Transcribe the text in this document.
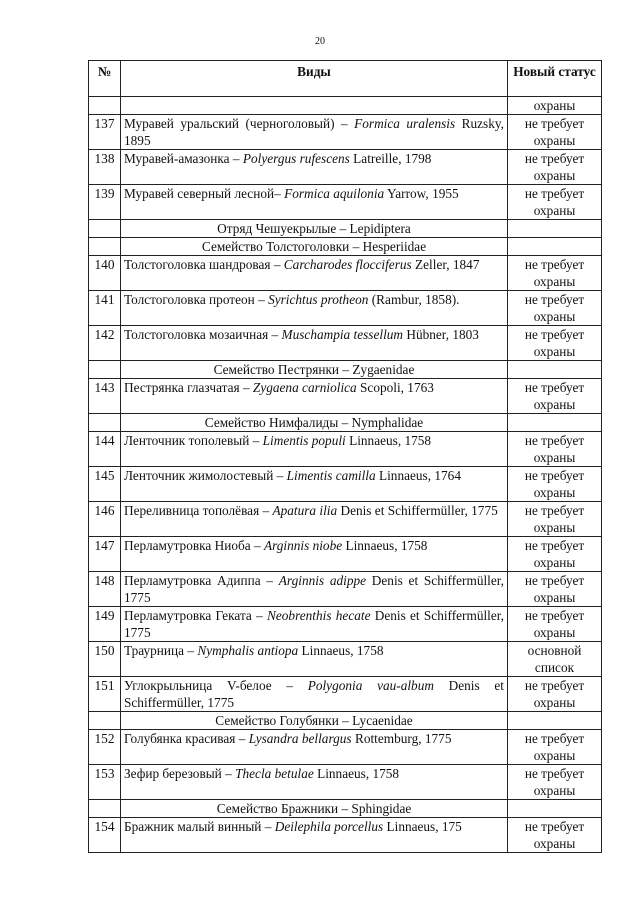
20
№	Виды	Новый статус
		охраны
137	Муравей уральский (черноголовый) – Formica uralensis Ruzsky, 1895	не требует охраны
138	Муравей-амазонка – Polyergus rufescens Latreille, 1798	не требует охраны
139	Муравей северный лесной– Formica aquilonia Yarrow, 1955	не требует охраны
	Отряд Чешуекрылые – Lepidiptera	
	Семейство Толстоголовки – Hesperiidae	
140	Толстоголовка шандровая – Carcharodes flocciferus Zeller, 1847	не требует охраны
141	Толстоголовка протеон – Syrichtus protheon (Rambur, 1858).	не требует охраны
142	Толстоголовка мозаичная – Muschampia tessellum Hübner, 1803	не требует охраны
	Семейство Пестрянки – Zygaenidae	
143	Пестрянка глазчатая – Zygaena carniolica Scopoli, 1763	не требует охраны
	Семейство Нимфалиды – Nymphalidae	
144	Ленточник тополевый – Limentis populi Linnaeus, 1758	не требует охраны
145	Ленточник жимолостевый – Limentis camilla Linnaeus, 1764	не требует охраны
146	Переливница тополёвая – Apatura ilia Denis et Schiffermüller, 1775	не требует охраны
147	Перламутровка Ниоба – Arginnis niobe Linnaeus, 1758	не требует охраны
148	Перламутровка Адиппа – Arginnis adippe Denis et Schiffermüller, 1775	не требует охраны
149	Перламутровка Геката – Neobrenthis hecate Denis et Schiffermüller, 1775	не требует охраны
150	Траурница – Nymphalis antiopa Linnaeus, 1758	основной список
151	Углокрыльница V-белое – Polygonia vau-album Denis et Schiffermüller, 1775	не требует охраны
	Семейство Голубянки – Lycaenidae	
152	Голубянка красивая – Lysandra bellargus Rottemburg, 1775	не требует охраны
153	Зефир березовый – Thecla betulae Linnaeus, 1758	не требует охраны
	Семейство Бражники – Sphingidae	
154	Бражник малый винный – Deilephila porcellus Linnaeus, 175	не требует охраны
